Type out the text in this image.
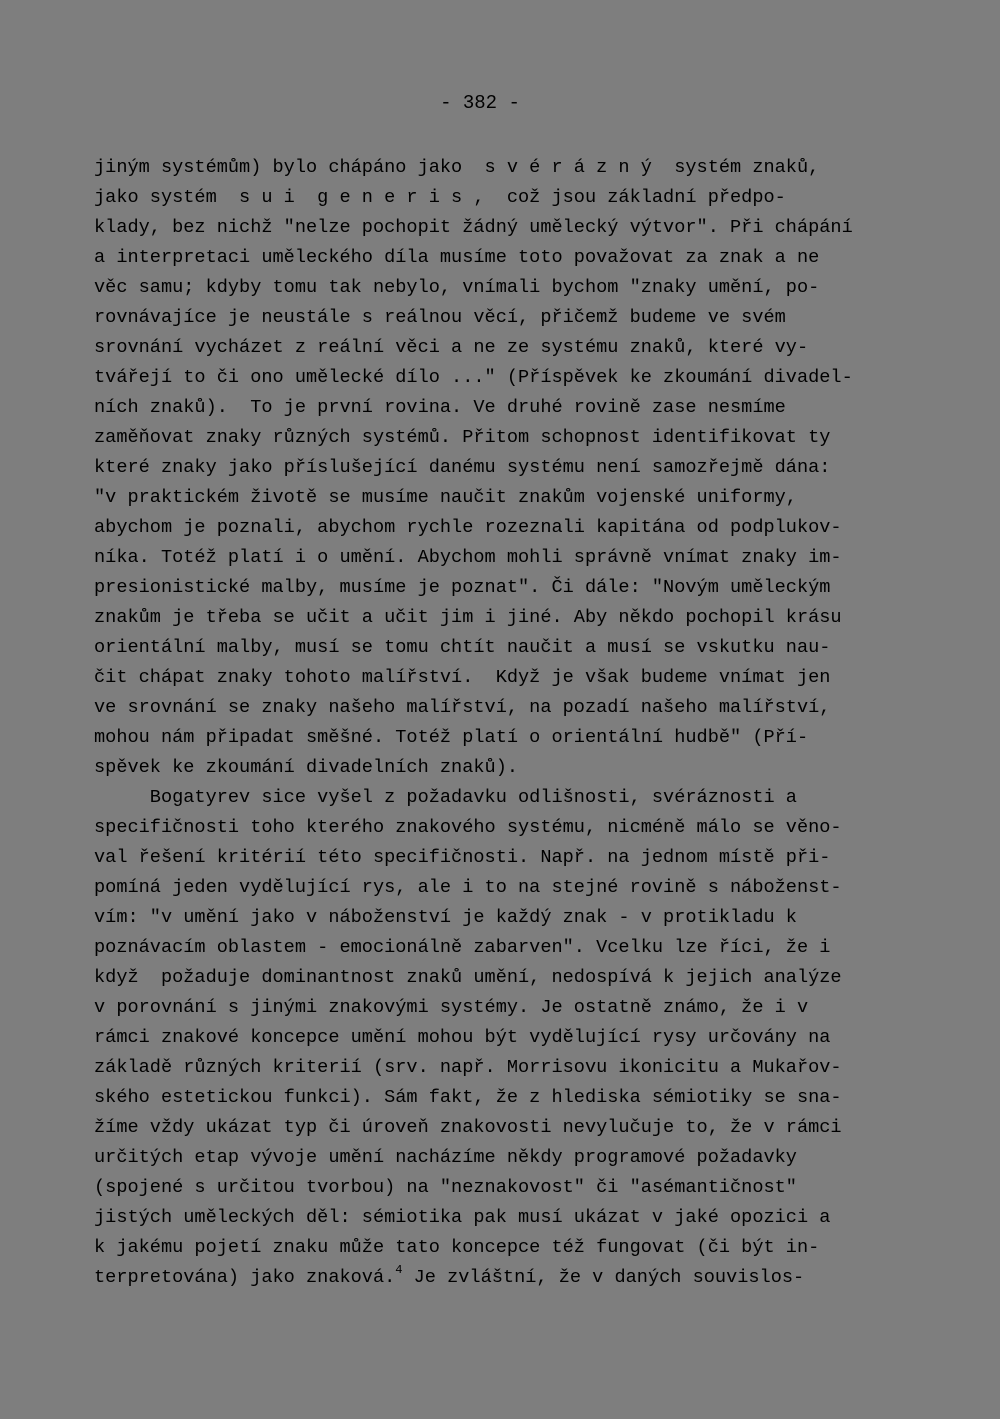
- 382 -
jiným systémům) bylo chápáno jako  s v é r á z n ý  systém znaků,
jako systém  s u i  g e n e r i s ,  což jsou základní předpo-
klady, bez nichž "nelze pochopit žádný umělecký výtvor". Při chápání
a interpretaci uměleckého díla musíme toto považovat za znak a ne
věc samu; kdyby tomu tak nebylo, vnímali bychom "znaky umění, po-
rovnávajíce je neustále s reálnou věcí, přičemž budeme ve svém
srovnání vycházet z reální věci a ne ze systému znaků, které vy-
tvářejí to či ono umělecké dílo ..." (Příspěvek ke zkoumání divadel-
ních znaků).  To je první rovina. Ve druhé rovině zase nesmíme
zaměňovat znaky různých systémů. Přitom schopnost identifikovat ty
které znaky jako příslušející danému systému není samozřejmě dána:
"v praktickém životě se musíme naučit znakům vojenské uniformy,
abychom je poznali, abychom rychle rozeznali kapitána od podplukov-
níka. Totéž platí i o umění. Abychom mohli správně vnímat znaky im-
presionistické malby, musíme je poznat". Či dále: "Novým uměleckým
znakům je třeba se učit a učit jim i jiné. Aby někdo pochopil krásu
orientální malby, musí se tomu chtít naučit a musí se vskutku nau-
čit chápat znaky tohoto malířství.  Když je však budeme vnímat jen
ve srovnání se znaky našeho malířství, na pozadí našeho malířství,
mohou nám připadat směšné. Totéž platí o orientální hudbě" (Pří-
spěvek ke zkoumání divadelních znaků).
Bogatyrev sice vyšel z požadavku odlišnosti, svéráznosti a
specifičnosti toho kterého znakového systému, nicméně málo se věno-
val řešení kritérií této specifičnosti. Např. na jednom místě při-
pomíná jeden vydělující rys, ale i to na stejné rovině s náboženst-
vím: "v umění jako v náboženství je každý znak - v protikladu k
poznávacím oblastem - emocionálně zabarven". Vcelku lze říci, že i
když  požaduje dominantnost znaků umění, nedospívá k jejich analýze
v porovnání s jinými znakovými systémy. Je ostatně známo, že i v
rámci znakové koncepce umění mohou být vydělující rysy určovány na
základě různých kriterií (srv. např. Morrisovu ikonicitu a Mukařov-
ského estetickou funkci). Sám fakt, že z hlediska sémiotiky se sna-
žíme vždy ukázat typ či úroveň znakovosti nevylučuje to, že v rámci
určitých etap vývoje umění nacházíme někdy programové požadavky
(spojené s určitou tvorbou) na "neznakovost" či "asémantičnost"
jistých uměleckých děl: sémiotika pak musí ukázat v jaké opozici a
k jakému pojetí znaku může tato koncepce též fungovat (či být in-
terpretována) jako znaková.$^4$ Je zvláštní, že v daných souvislos-
